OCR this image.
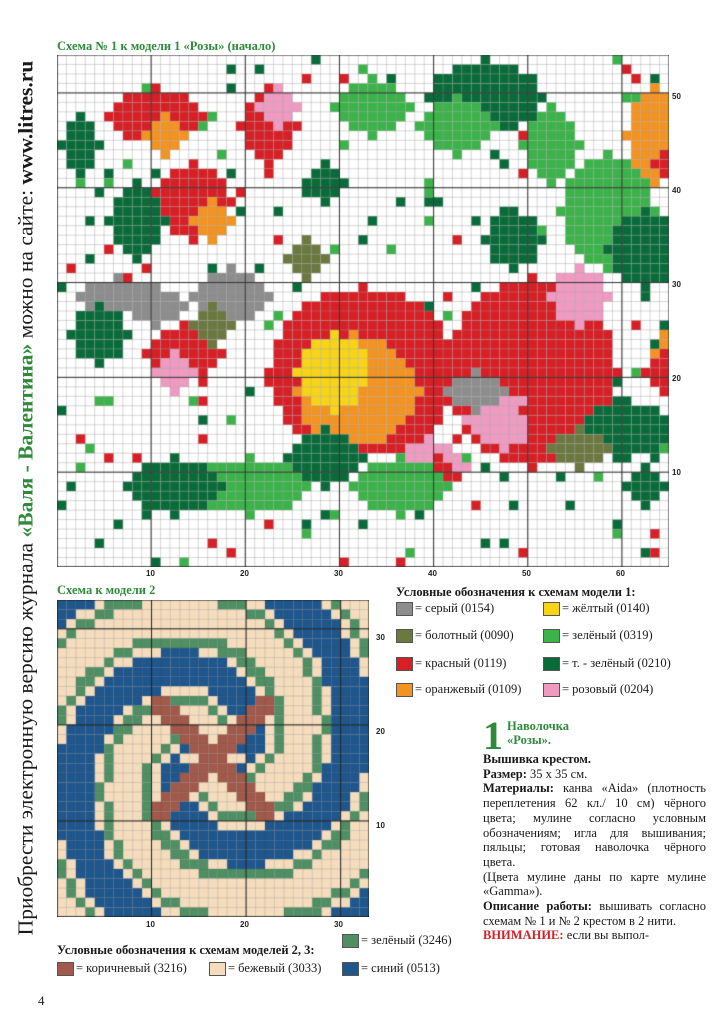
Приобрести электронную версию журнала «Валя - Валентина» можно на сайте: www.litres.ru
Схема № 1 к модели 1 «Розы» (начало)
10	20	30	40	50	60
50
40
30
20
10
Схема к модели 2
10	20	30
30
20
10
Условные обозначения к схемам модели 1:
= серый (0154)	= жёлтый (0140)
= болотный (0090)	= зелёный (0319)
= красный (0119)	= т. - зелёный (0210)
= оранжевый (0109)	= розовый (0204)
= зелёный (3246)
Условные обозначения к схемам моделей 2, 3:
= коричневый (3216)	= бежевый (3033)	= синий (0513)
1 Наволочка
«Розы».

Вышивка крестом.

Размер: 35 х 35 см.

Материалы: канва «Aida» (плотность переплетения 62 кл./ 10 см) чёрного цвета; мулине согласно условным обозначениям; игла для вышивания; пяльцы; готовая наволочка чёрного цвета.

(Цвета мулине даны по карте мулине «Gamma»).

Описание работы: вышивать согласно схемам № 1 и № 2 крестом в 2 нити.

ВНИМАНИЕ: если вы выпол-

4
